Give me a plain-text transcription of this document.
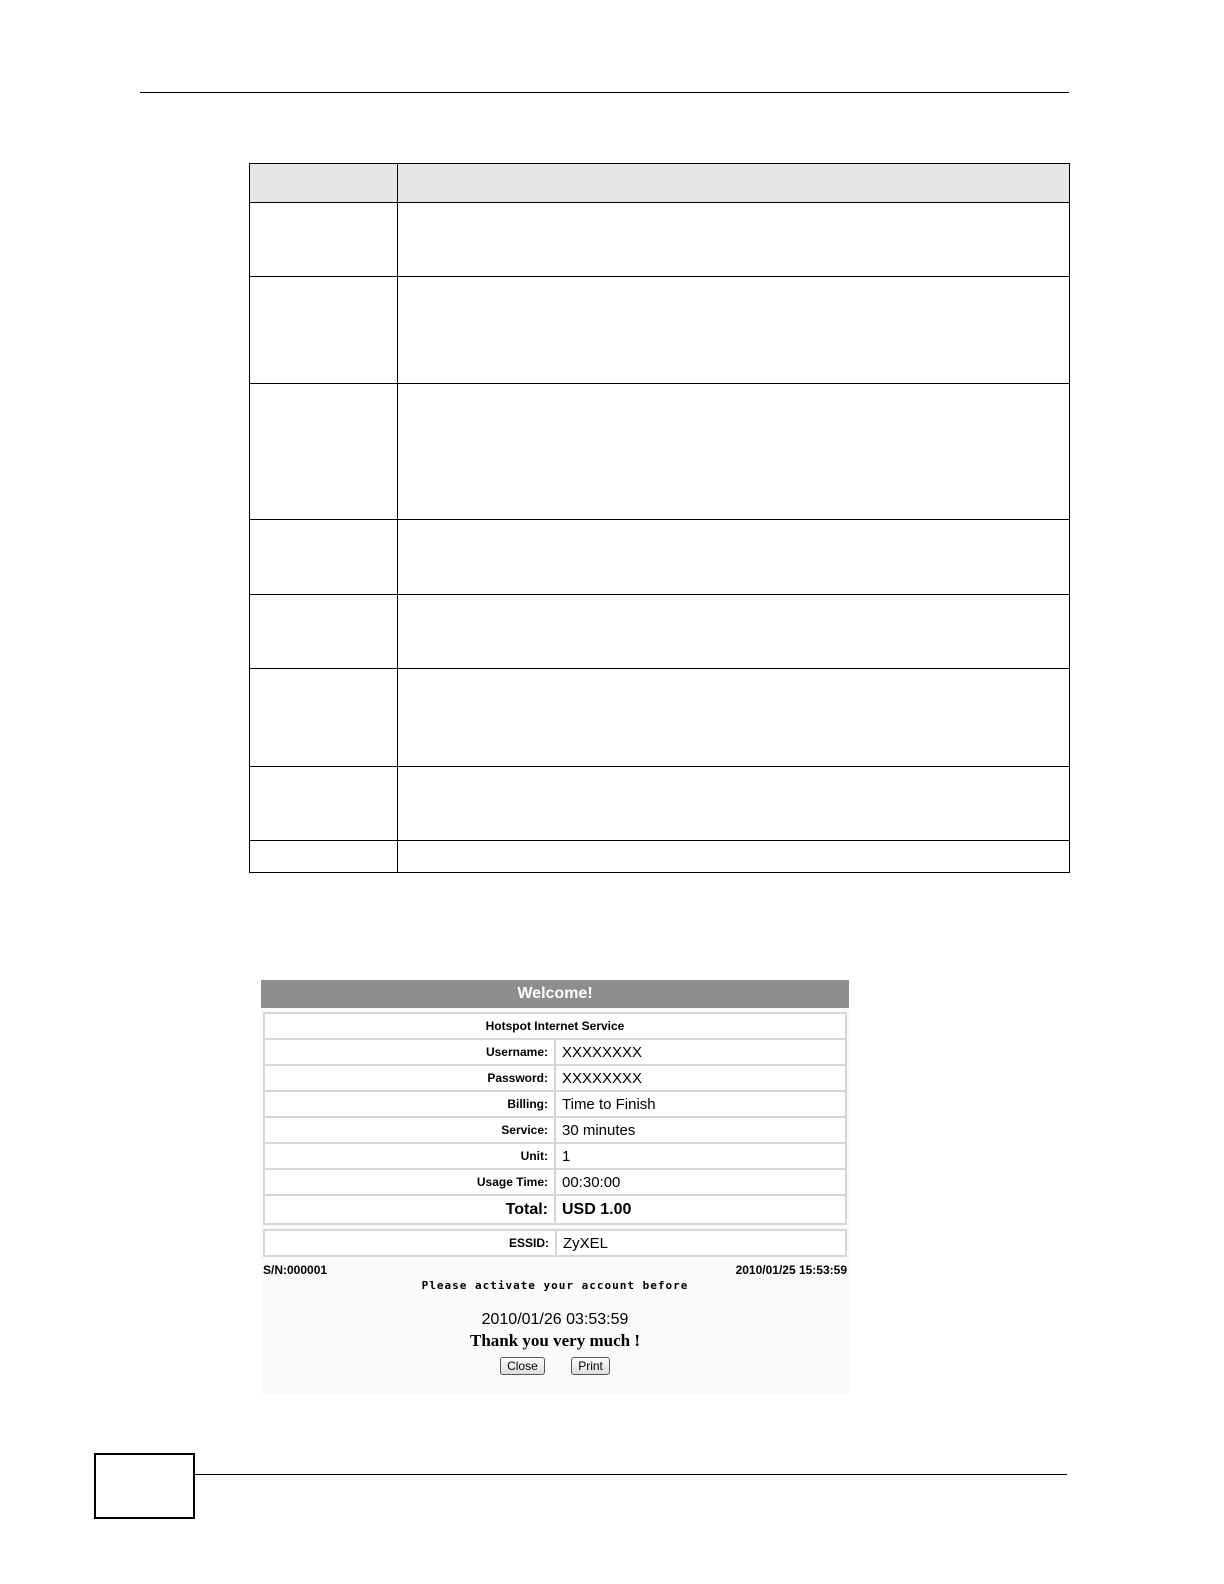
Welcome!
Hotspot Internet Service	
Username:	XXXXXXXX
Password:	XXXXXXXX
Billing:	Time to Finish
Service:	30 minutes
Unit:	1
Usage Time:	00:30:00
Total:	USD 1.00
ESSID:	ZyXEL
S/N:000001	2010/01/25 15:53:59
Please activate your account before
2010/01/26 03:53:59
Thank you very much !
Close	Print
